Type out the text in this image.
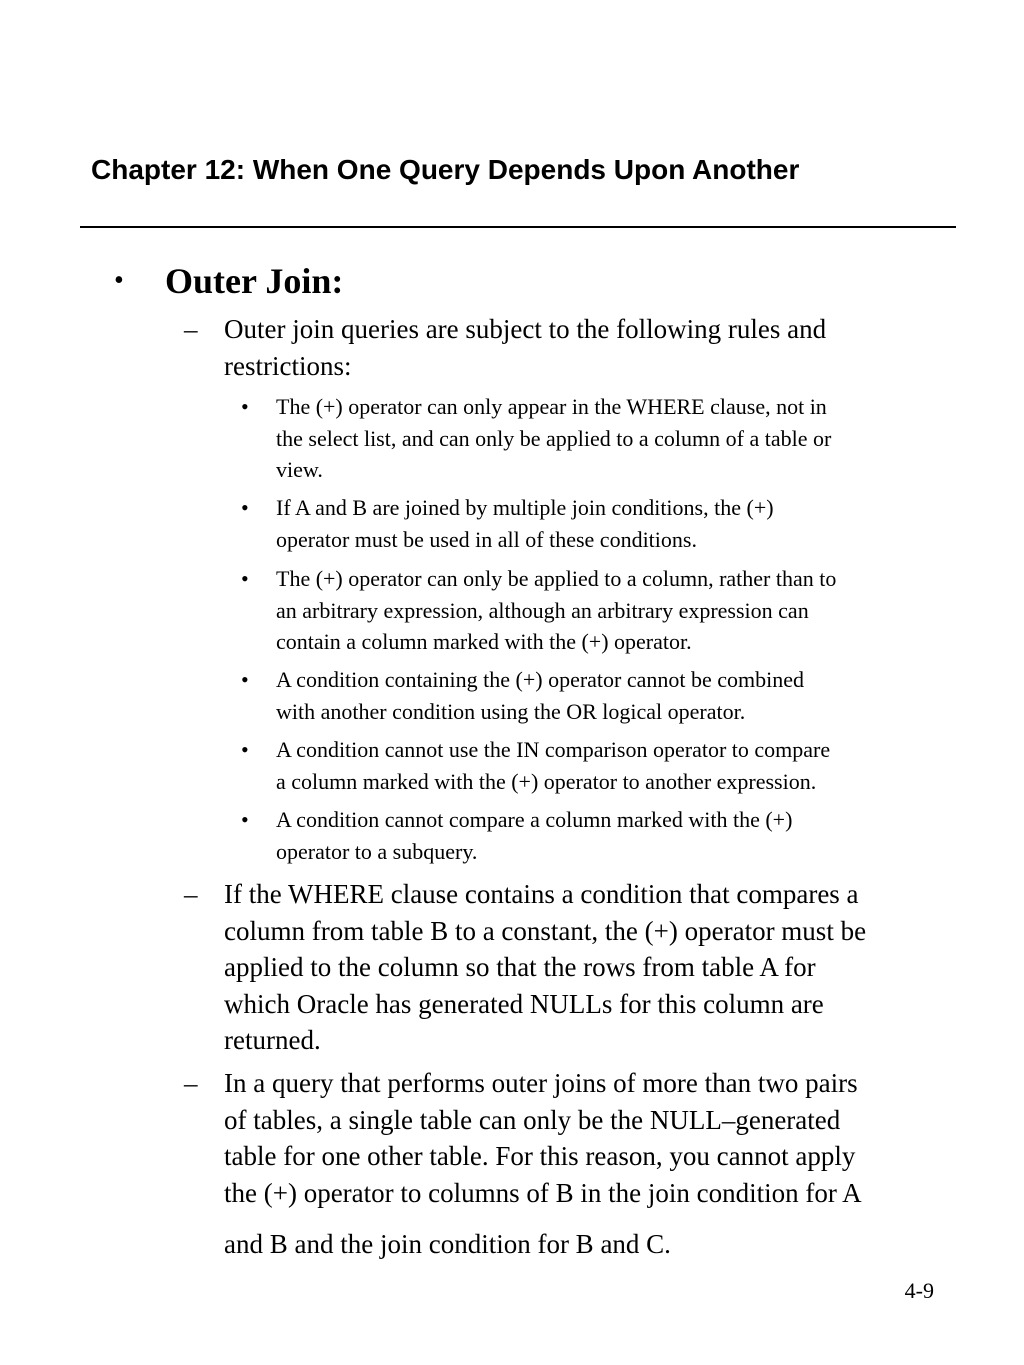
Chapter 12: When One Query Depends Upon Another
• Outer Join:
– Outer join queries are subject to the following rules and
restrictions:
• The (+) operator can only appear in the WHERE clause, not in
the select list, and can only be applied to a column of a table or
view.
• If A and B are joined by multiple join conditions, the (+)
operator must be used in all of these conditions.
• The (+) operator can only be applied to a column, rather than to
an arbitrary expression, although an arbitrary expression can
contain a column marked with the (+) operator.
• A condition containing the (+) operator cannot be combined
with another condition using the OR logical operator.
• A condition cannot use the IN comparison operator to compare
a column marked with the (+) operator to another expression.
• A condition cannot compare a column marked with the (+)
operator to a subquery.
– If the WHERE clause contains a condition that compares a
column from table B to a constant, the (+) operator must be
applied to the column so that the rows from table A for
which Oracle has generated NULLs for this column are
returned.
– In a query that performs outer joins of more than two pairs
of tables, a single table can only be the NULL–generated
table for one other table. For this reason, you cannot apply
the (+) operator to columns of B in the join condition for A
and B and the join condition for B and C.
4-9
